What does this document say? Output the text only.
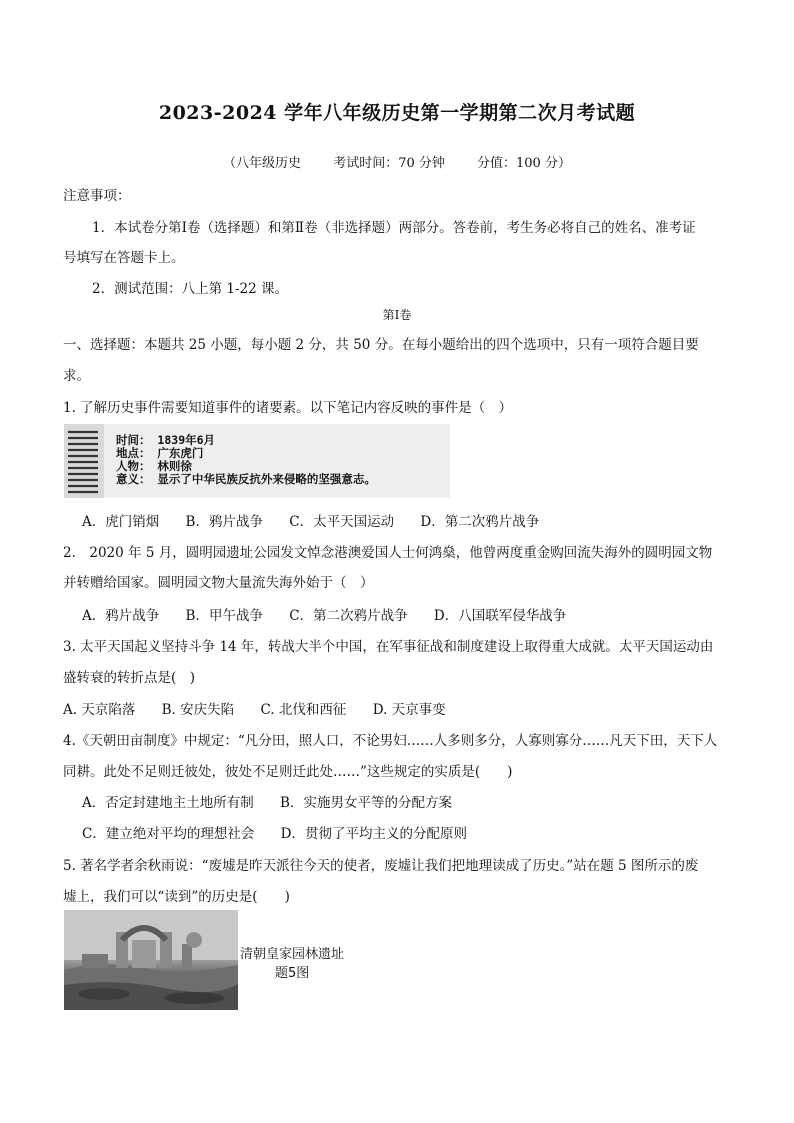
2023-2024 学年八年级历史第一学期第二次月考试题
（八年级历史 考试时间：70 分钟 分值：100 分）
注意事项：
1．本试卷分第Ⅰ卷（选择题）和第Ⅱ卷（非选择题）两部分。答卷前，考生务必将自己的姓名、准考证
号填写在答题卡上。
2．测试范围：八上第 1-22 课。
第Ⅰ卷
一、选择题：本题共 25 小题，每小题 2 分，共 50 分。在每小题给出的四个选项中，只有一项符合题目要
求。
1. 了解历史事件需要知道事件的诸要素。以下笔记内容反映的事件是（　）
时间： 1839年6月
地点： 广东虎门
人物： 林则徐
意义： 显示了中华民族反抗外来侵略的坚强意志。
A．虎门销烟 B．鸦片战争 C．太平天国运动 D．第二次鸦片战争
2.　2020 年 5 月，圆明园遗址公园发文悼念港澳爱国人士何鸿燊，他曾两度重金购回流失海外的圆明园文物
并转赠给国家。圆明园文物大量流失海外始于（　）
A．鸦片战争 B．甲午战争 C．第二次鸦片战争 D．八国联军侵华战争
3. 太平天国起义坚持斗争 14 年，转战大半个中国，在军事征战和制度建设上取得重大成就。太平天国运动由
盛转衰的转折点是(　)
A. 天京陷落 B. 安庆失陷 C. 北伐和西征 D. 天京事变
4.《天朝田亩制度》中规定：“凡分田，照人口，不论男妇……人多则多分，人寡则寡分……凡天下田，天下人
同耕。此处不足则迁彼处，彼处不足则迁此处……”这些规定的实质是(　　)
A．否定封建地主土地所有制 B．实施男女平等的分配方案
C．建立绝对平均的理想社会 D．贯彻了平均主义的分配原则
5. 著名学者余秋雨说：“废墟是昨天派往今天的使者，废墟让我们把地理读成了历史。”站在题 5 图所示的废
墟上，我们可以“读到”的历史是(　　)
清朝皇家园林遗址
题5图
